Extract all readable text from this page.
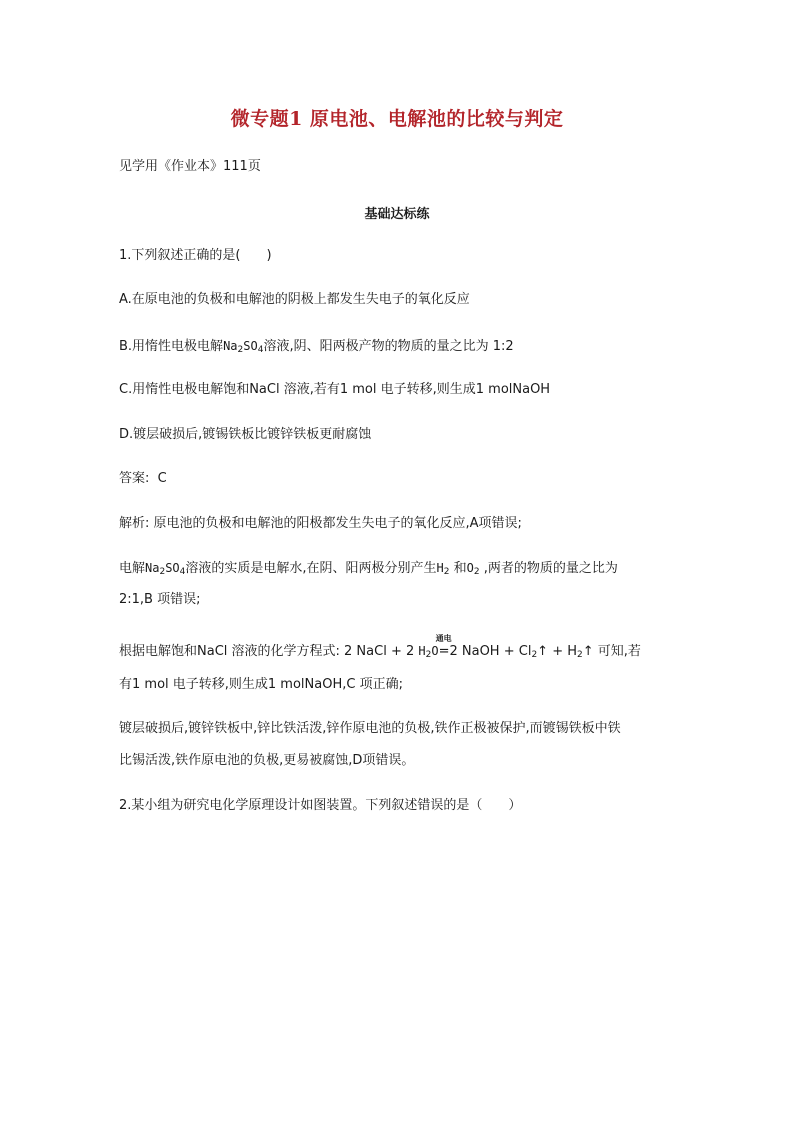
微专题1 原电池、电解池的比较与判定
见学用《作业本》111页
基础达标练
1.下列叙述正确的是(　　)
A.在原电池的负极和电解池的阴极上都发生失电子的氧化反应
B.用惰性电极电解$Na_2SO_4$溶液,阴、阳两极产物的物质的量之比为 1:2
C.用惰性电极电解饱和NaCl 溶液,若有1 mol 电子转移,则生成1 molNaOH
D.镀层破损后,镀锡铁板比镀锌铁板更耐腐蚀
答案: C
解析: 原电池的负极和电解池的阳极都发生失电子的氧化反应,A项错误;
电解$Na_2SO_4$溶液的实质是电解水,在阴、阳两极分别产生$H_2$ 和$O_2$ ,两者的物质的量之比为
2:1,B 项错误;
根据电解饱和NaCl 溶液的化学方程式: 2 NaCl + 2 $H_2O$
通电
=2 NaOH + $Cl_2↑$ + $H_2↑$ 可知,若
有1 mol 电子转移,则生成1 molNaOH,C 项正确;
镀层破损后,镀锌铁板中,锌比铁活泼,锌作原电池的负极,铁作正极被保护,而镀锡铁板中铁
比锡活泼,铁作原电池的负极,更易被腐蚀,D项错误。
2.某小组为研究电化学原理设计如图装置。下列叙述错误的是（　　）
